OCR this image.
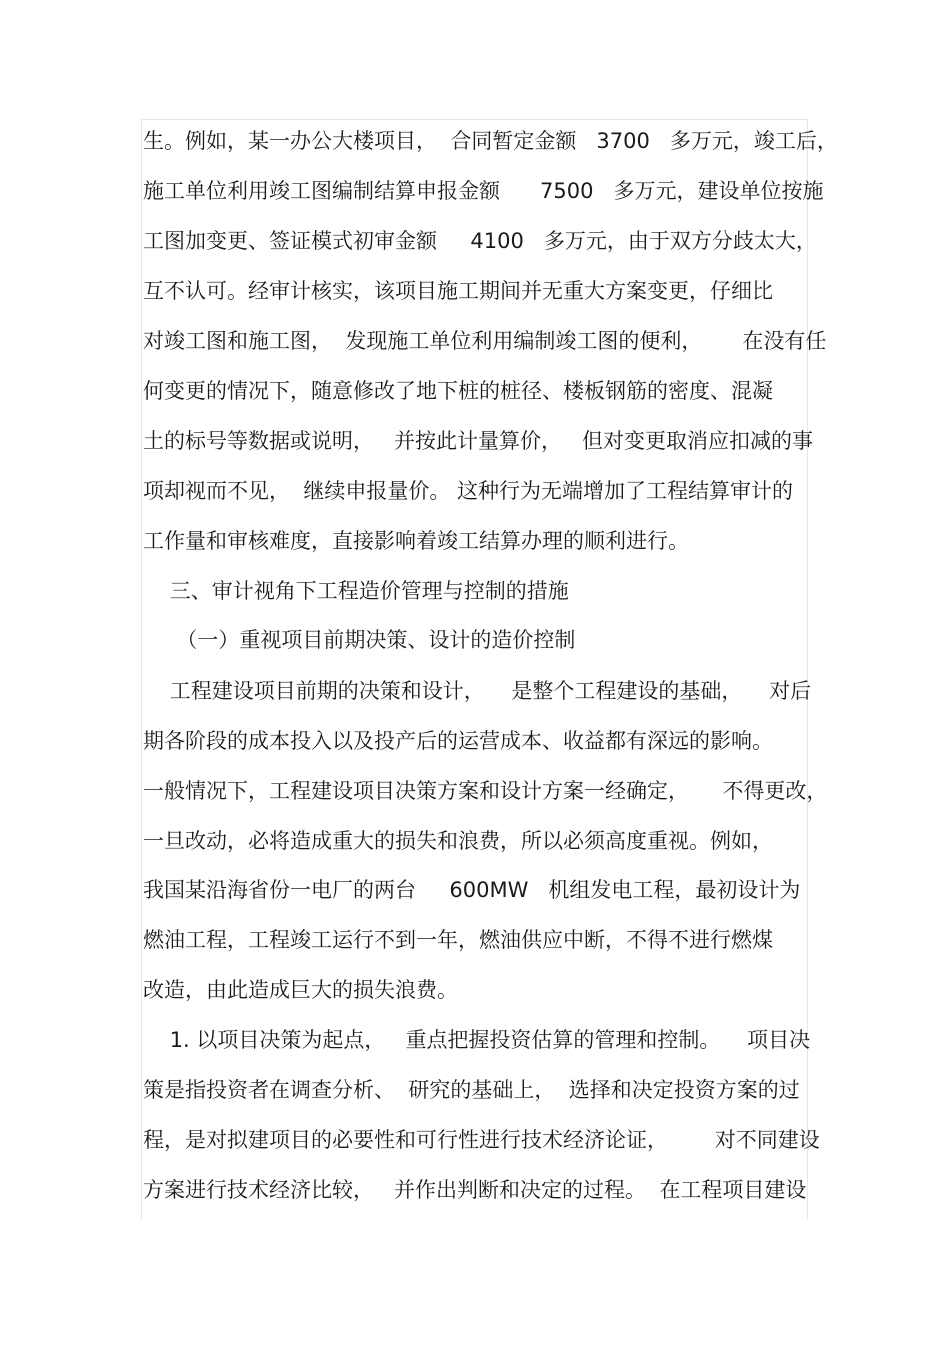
生。例如，某一办公大楼项目，  合同暂定金额   3700   多万元，竣工后，
施工单位利用竣工图编制结算申报金额      7500   多万元，建设单位按施
工图加变更、签证模式初审金额     4100   多万元，由于双方分歧太大，
互不认可。经审计核实，该项目施工期间并无重大方案变更，仔细比
对竣工图和施工图，  发现施工单位利用编制竣工图的便利，      在没有任
何变更的情况下，随意修改了地下桩的桩径、楼板钢筋的密度、混凝
土的标号等数据或说明，   并按此计量算价，   但对变更取消应扣减的事
项却视而不见，  继续申报量价。 这种行为无端增加了工程结算审计的
工作量和审核难度，直接影响着竣工结算办理的顺利进行。
三、审计视角下工程造价管理与控制的措施
（一）重视项目前期决策、设计的造价控制
工程建设项目前期的决策和设计，    是整个工程建设的基础，    对后
期各阶段的成本投入以及投产后的运营成本、收益都有深远的影响。
一般情况下，工程建设项目决策方案和设计方案一经确定，     不得更改，
一旦改动，必将造成重大的损失和浪费，所以必须高度重视。例如，
我国某沿海省份一电厂的两台     600MW   机组发电工程，最初设计为
燃油工程，工程竣工运行不到一年，燃油供应中断，不得不进行燃煤
改造，由此造成巨大的损失浪费。
1. 以项目决策为起点，   重点把握投资估算的管理和控制。    项目决
策是指投资者在调查分析、  研究的基础上，  选择和决定投资方案的过
程，是对拟建项目的必要性和可行性进行技术经济论证，       对不同建设
方案进行技术经济比较，   并作出判断和决定的过程。  在工程项目建设
